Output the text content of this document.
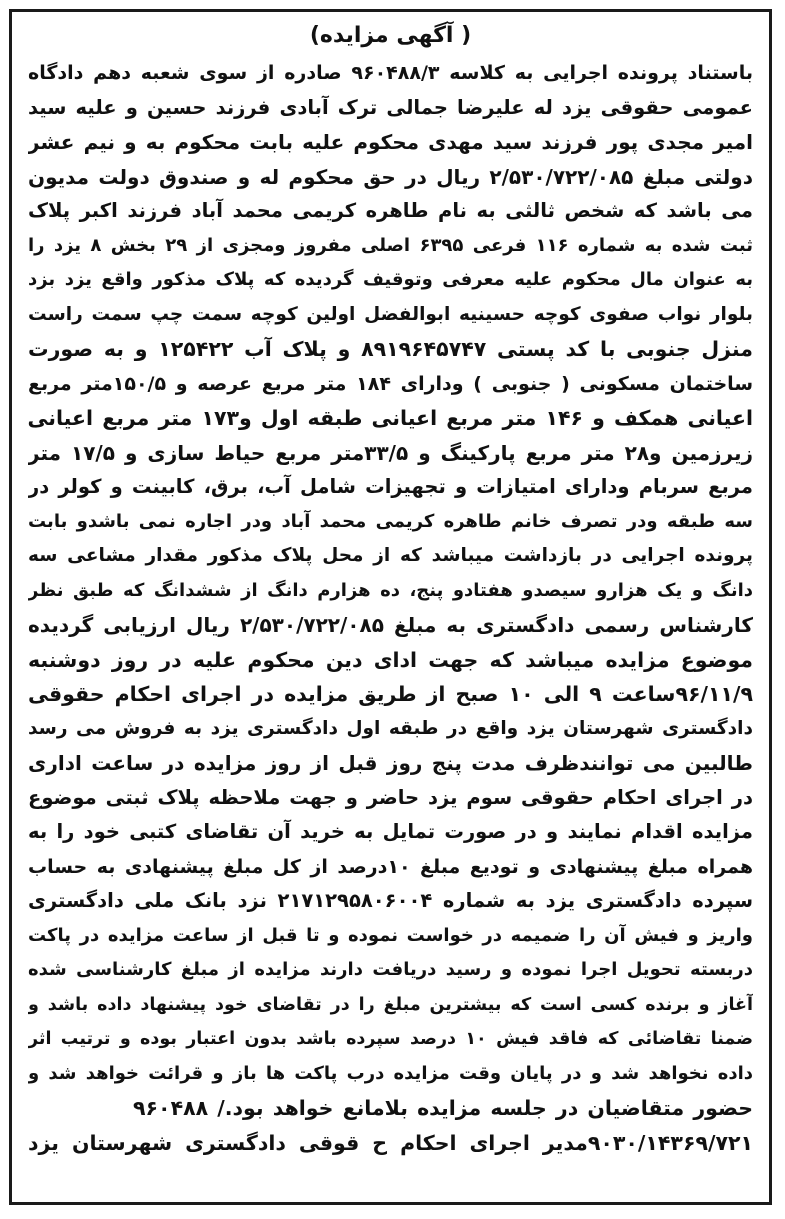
( آگهی مزایده)
باستناد پرونده اجرایی به کلاسه ۹۶۰۴۸۸/۳ صادره از سوی شعبه دهم دادگاه
عمومی حقوقی یزد له علیرضا جمالی ترک آبادی فرزند حسین و علیه سید
امیر مجدی پور فرزند سید مهدی محکوم علیه بابت محکوم به و نیم عشر
دولتی مبلغ ۲/۵۳۰/۷۲۲/۰۸۵ ریال در حق محکوم له و صندوق دولت مدیون
می باشد که شخص ثالثی به نام طاهره کریمی محمد آباد فرزند اکبر پلاک
ثبت شده به شماره ۱۱۶ فرعی ۶۳۹۵ اصلی مفروز ومجزی از ۲۹ بخش ۸ یزد را
به عنوان مال محکوم علیه معرفی وتوقیف گردیده که پلاک مذکور واقع یزد بزد
بلوار نواب صفوی کوچه حسینیه ابوالفضل اولین کوچه سمت چپ سمت راست
منزل جنوبی با کد پستی ۸۹۱۹۶۴۵۷۴۷ و پلاک آب ۱۲۵۴۲۲ و به صورت
ساختمان مسکونی ( جنوبی ) ودارای ۱۸۴ متر مربع عرصه و ۱۵۰/۵متر مربع
اعیانی همکف و ۱۴۶ متر مربع اعیانی طبقه اول و۱۷۳ متر مربع اعیانی
زیرزمین و۲۸ متر مربع پارکینگ و ۳۳/۵متر مربع حیاط سازی و ۱۷/۵ متر
مربع سربام ودارای امتیازات و تجهیزات شامل آب، برق، کابینت و کولر در
سه طبقه ودر تصرف خانم طاهره کریمی محمد آباد ودر اجاره نمی باشدو بابت
پرونده اجرایی در بازداشت میباشد که از محل پلاک مذکور مقدار مشاعی سه
دانگ و یک هزارو سیصدو هفتادو پنج، ده هزارم دانگ از ششدانگ که طبق نظر
کارشناس رسمی دادگستری به مبلغ ۲/۵۳۰/۷۲۲/۰۸۵ ریال ارزیابی گردیده
موضوع مزایده میباشد که جهت ادای دین محکوم علیه در روز دوشنبه
۹۶/۱۱/۹ساعت ۹ الی ۱۰ صبح از طریق مزایده در اجرای احکام حقوقی
دادگستری شهرستان یزد واقع در طبقه اول دادگستری یزد به فروش می رسد
طالبین می توانندظرف مدت پنج روز قبل از روز مزایده در ساعت اداری
در اجرای احکام حقوقی سوم یزد حاضر و جهت ملاحظه پلاک ثبتی موضوع
مزایده اقدام نمایند و در صورت تمایل به خرید آن تقاضای کتبی خود را به
همراه مبلغ پیشنهادی و تودیع مبلغ ۱۰درصد از کل مبلغ پیشنهادی به حساب
سپرده دادگستری یزد به شماره ۲۱۷۱۲۹۵۸۰۶۰۰۴ نزد بانک ملی دادگستری
واریز و فیش آن را ضمیمه در خواست نموده و تا قبل از ساعت مزایده در پاکت
دربسته تحویل اجرا نموده و رسید دریافت دارند مزایده از مبلغ کارشناسی شده
آغاز و برنده کسی است که بیشترین مبلغ را در تقاضای خود پیشنهاد داده باشد و
ضمنا تقاضائی که فاقد فیش ۱۰ درصد سپرده باشد بدون اعتبار بوده و ترتیب اثر
داده نخواهد شد و در پایان وقت مزایده درب پاکت ها باز و قرائت خواهد شد و
حضور متقاضیان در جلسه مزایده بلامانع خواهد بود./ ۹۶۰۴۸۸
۹۰۳۰/۱۴۳۶۹/۷۲۱مدیر اجرای احکام ح قوقی دادگستری شهرستان یزد
